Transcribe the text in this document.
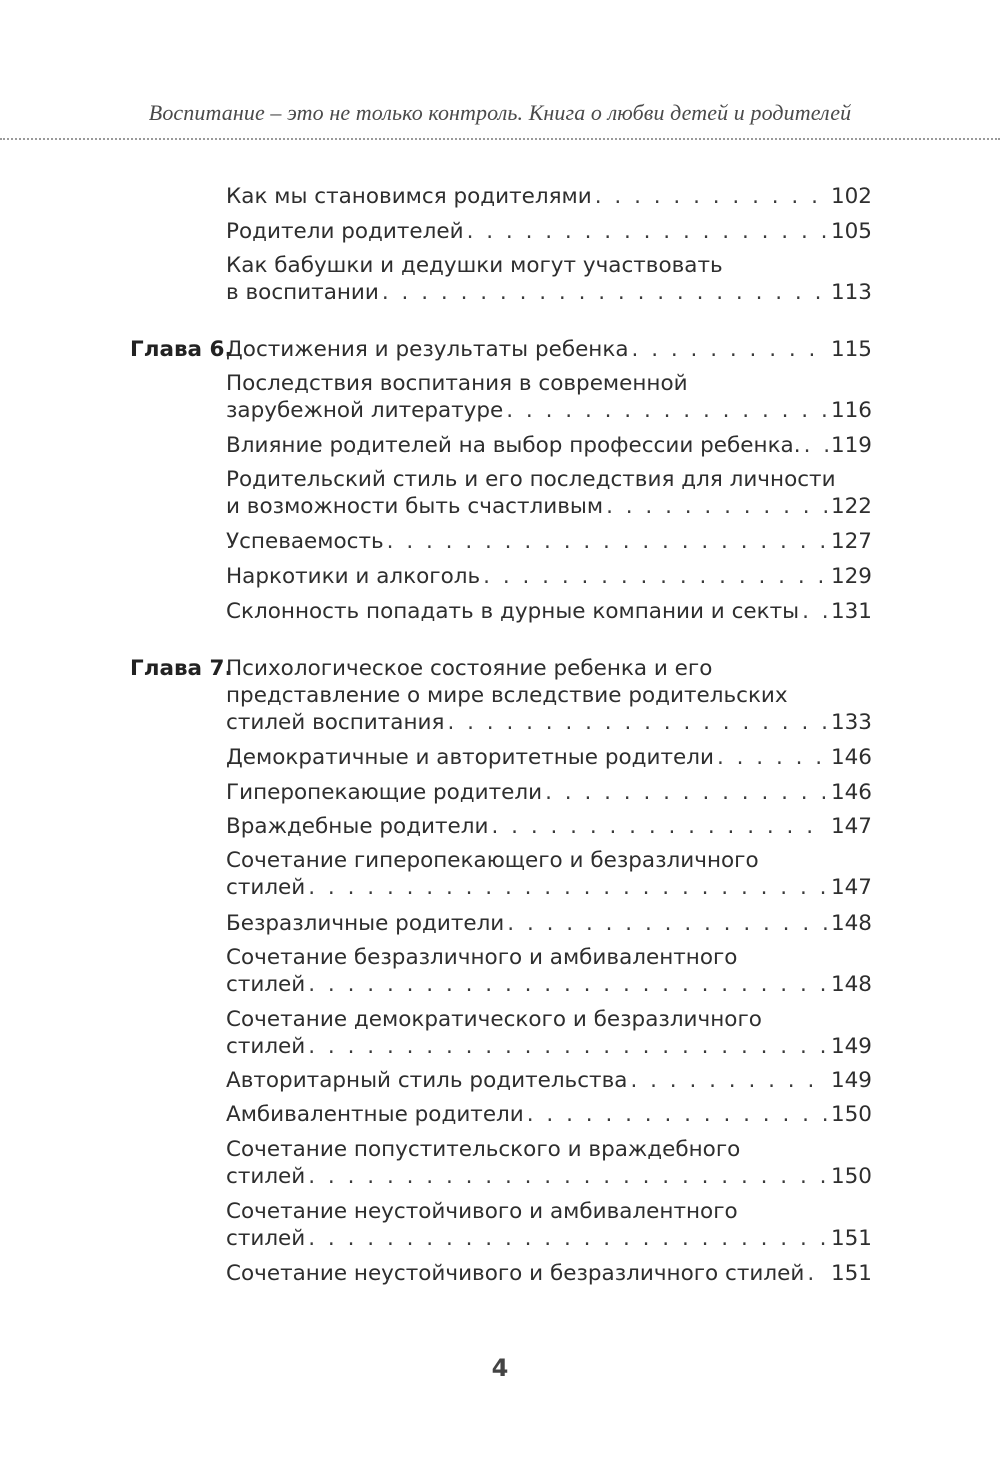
Воспитание – это не только контроль. Книга о любви детей и родителей
Как мы становимся родителями . . .	102
Родители родителей . . .	105
Как бабушки и дедушки могут участвовать
в воспитании . . .	113
Глава 6.
Достижения и результаты ребенка . . .	115
Последствия воспитания в современной
зарубежной литературе . . .	116
Влияние родителей на выбор профессии ребенка. . . . 119
Родительский стиль и его последствия для личности
и возможности быть счастливым . . .	122
Успеваемость . . .	127
Наркотики и алкоголь . . .	129
Склонность попадать в дурные компании и секты . . . 131
Глава 7.
Психологическое состояние ребенка и его
представление о мире вследствие родительских
стилей воспитания . . .	133
Демократичные и авторитетные родители . . .	146
Гиперопекающие родители . . .	146
Враждебные родители . . .	147
Сочетание гиперопекающего и безразличного
стилей . . .	147
Безразличные родители . . .	148
Сочетание безразличного и амбивалентного
стилей . . .	148
Сочетание демократического и безразличного
стилей . . .	149
Авторитарный стиль родительства . . .	149
Амбивалентные родители . . .	150
Сочетание попустительского и враждебного
стилей . . .	150
Сочетание неустойчивого и амбивалентного
стилей . . .	151
Сочетание неустойчивого и безразличного стилей . . . 151
4
